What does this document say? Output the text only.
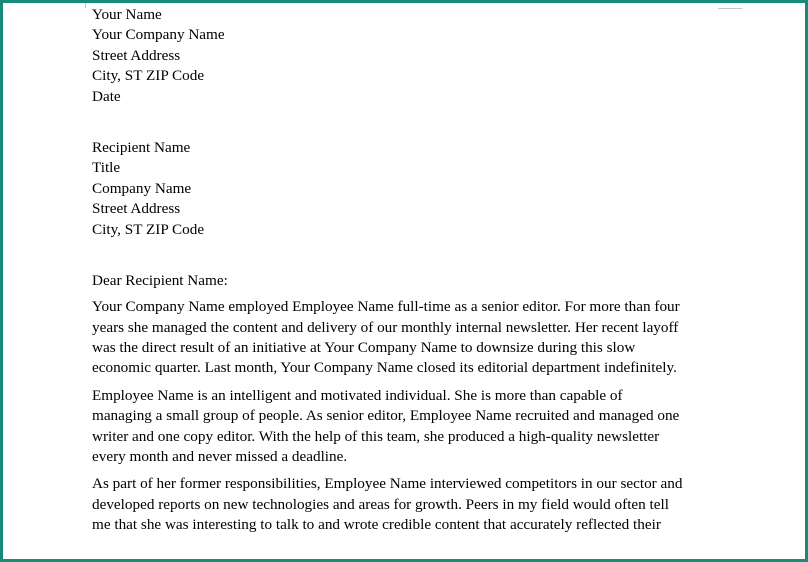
Your Name
Your Company Name
Street Address
City, ST ZIP Code
Date
Recipient Name
Title
Company Name
Street Address
City, ST ZIP Code
Dear Recipient Name:

Your Company Name employed Employee Name full-time as a senior editor. For more than four
years she managed the content and delivery of our monthly internal newsletter. Her recent layoff
was the direct result of an initiative at Your Company Name to downsize during this slow
economic quarter. Last month, Your Company Name closed its editorial department indefinitely.

Employee Name is an intelligent and motivated individual. She is more than capable of
managing a small group of people. As senior editor, Employee Name recruited and managed one
writer and one copy editor. With the help of this team, she produced a high-quality newsletter
every month and never missed a deadline.

As part of her former responsibilities, Employee Name interviewed competitors in our sector and
developed reports on new technologies and areas for growth. Peers in my field would often tell
me that she was interesting to talk to and wrote credible content that accurately reflected their
